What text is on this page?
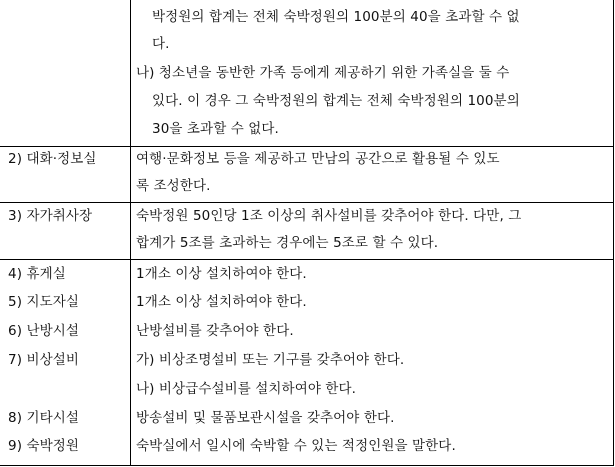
박정원의 합계는 전체 숙박정원의 100분의 40을 초과할 수 없
다.
나) 청소년을 동반한 가족 등에게 제공하기 위한 가족실을 둘 수
있다. 이 경우 그 숙박정원의 합계는 전체 숙박정원의 100분의
30을 초과할 수 없다.
2) 대화·정보실	여행·문화정보 등을 제공하고 만남의 공간으로 활용될 수 있도
록 조성한다.
3) 자가취사장	숙박정원 50인당 1조 이상의 취사설비를 갖추어야 한다. 다만, 그
합계가 5조를 초과하는 경우에는 5조로 할 수 있다.
4) 휴게실	1개소 이상 설치하여야 한다.
5) 지도자실	1개소 이상 설치하여야 한다.
6) 난방시설	난방설비를 갖추어야 한다.
7) 비상설비	가) 비상조명설비 또는 기구를 갖추어야 한다.
나) 비상급수설비를 설치하여야 한다.
8) 기타시설	방송설비 및 물품보관시설을 갖추어야 한다.
9) 숙박정원	숙박실에서 일시에 숙박할 수 있는 적정인원을 말한다.
